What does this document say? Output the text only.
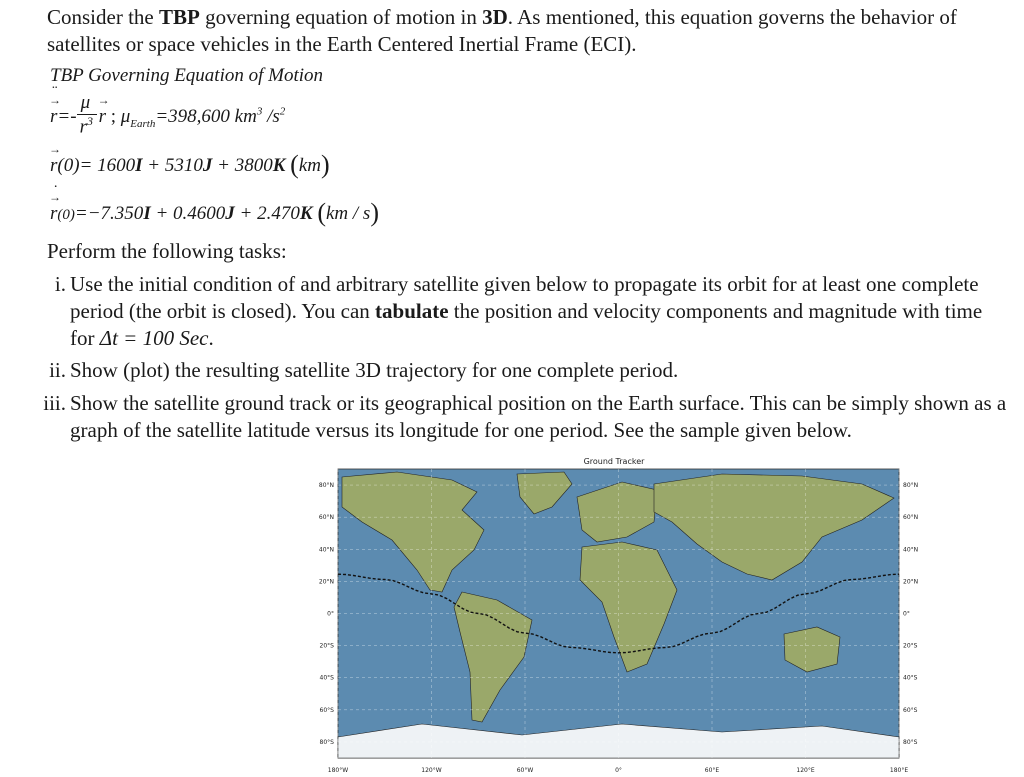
Consider the TBP governing equation of motion in 3D. As mentioned, this equation governs the behavior of satellites or space vehicles in the Earth Centered Inertial Frame (ECI).
TBP Governing Equation of Motion
→ r ¨=- $\frac{\mu}{r^3}$
→ r ; $\mu_{Earth}=398,600$ $km^3$ $/s^2$
→ r(0)= 1600I + 5310J + 3800K (km)
→ r ˙(0)=−7.350I + 0.4600J + 2.470K (km / s)
Perform the following tasks:
i. Use the initial condition of and arbitrary satellite given below to propagate its orbit for at least one complete period (the orbit is closed). You can tabulate the position and velocity components and magnitude with time for Δt = 100 Sec.
ii. Show (plot) the resulting satellite 3D trajectory for one complete period.
iii. Show the satellite ground track or its geographical position on the Earth surface. This can be simply shown as a graph of the satellite latitude versus its longitude for one period. See the sample given below.
Ground Tracker
180°W	120°W	60°W	0°	60°E	120°E	180°E
80°N	80°N
60°N	60°N
40°N	40°N
20°N	20°N
0°	0°
20°S	20°S
40°S	40°S
60°S	60°S
80°S	80°S
